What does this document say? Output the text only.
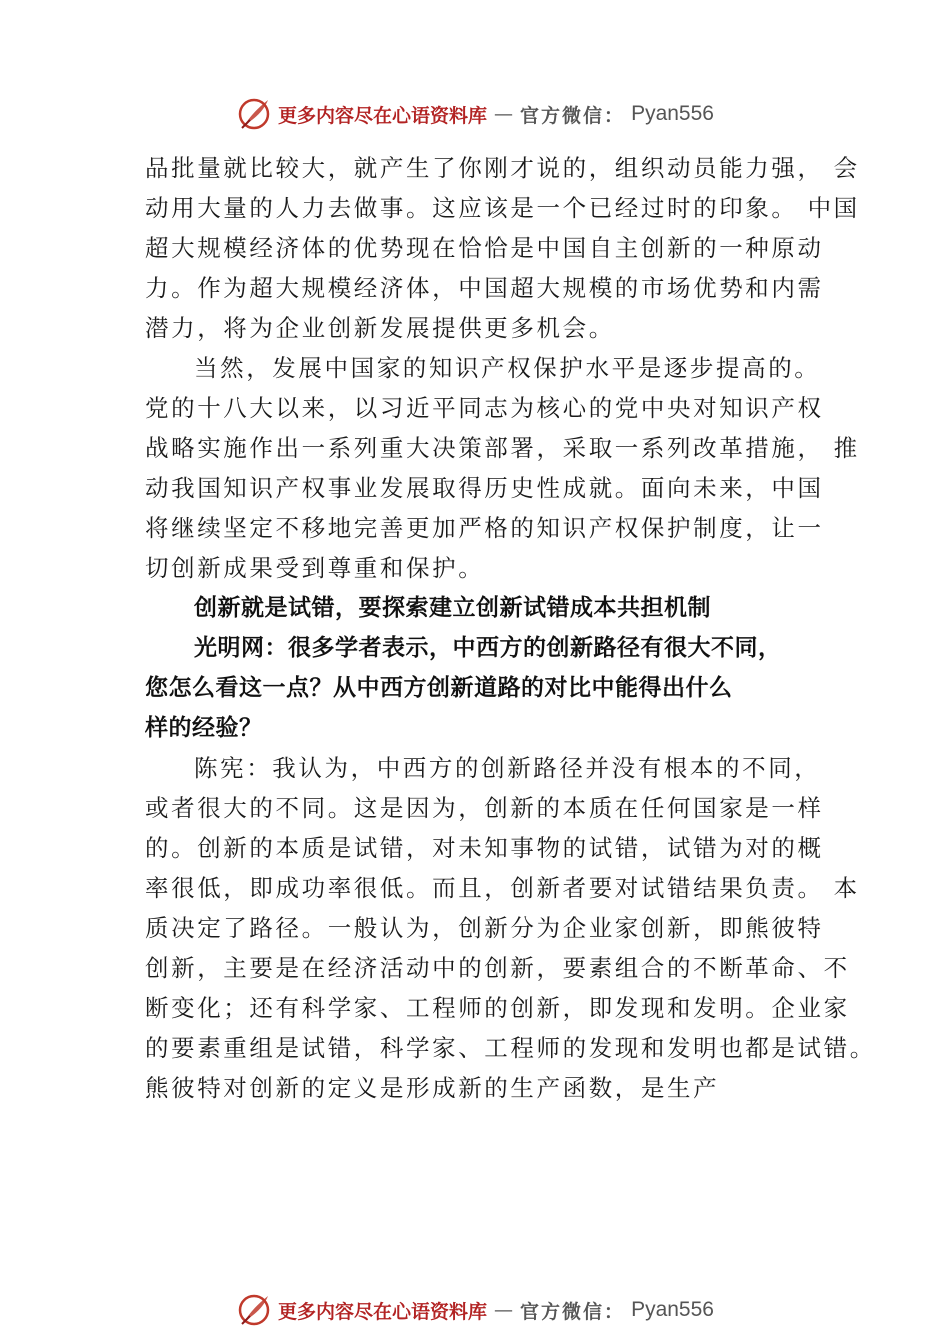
更多内容尽在心语资料库 — 官方微信： Pyan556
品批量就比较大，就产生了你刚才说的，组织动员能力强， 会
动用大量的人力去做事。这应该是一个已经过时的印象。 中国
超大规模经济体的优势现在恰恰是中国自主创新的一种原动
力。作为超大规模经济体，中国超大规模的市场优势和内需
潜力，将为企业创新发展提供更多机会。
当然，发展中国家的知识产权保护水平是逐步提高的。
党的十八大以来，以习近平同志为核心的党中央对知识产权
战略实施作出一系列重大决策部署，采取一系列改革措施， 推
动我国知识产权事业发展取得历史性成就。面向未来，中国
将继续坚定不移地完善更加严格的知识产权保护制度，让一
切创新成果受到尊重和保护。
创新就是试错，要探索建立创新试错成本共担机制
光明网：很多学者表示，中西方的创新路径有很大不同，
您怎么看这一点？从中西方创新道路的对比中能得出什么
样的经验？
陈宪：我认为，中西方的创新路径并没有根本的不同，
或者很大的不同。这是因为，创新的本质在任何国家是一样
的。创新的本质是试错，对未知事物的试错，试错为对的概
率很低，即成功率很低。而且，创新者要对试错结果负责。 本
质决定了路径。一般认为，创新分为企业家创新，即熊彼特
创新，主要是在经济活动中的创新，要素组合的不断革命、不
断变化；还有科学家、工程师的创新，即发现和发明。企业家
的要素重组是试错，科学家、工程师的发现和发明也都是试错。
熊彼特对创新的定义是形成新的生产函数，是生产
更多内容尽在心语资料库 — 官方微信： Pyan556
